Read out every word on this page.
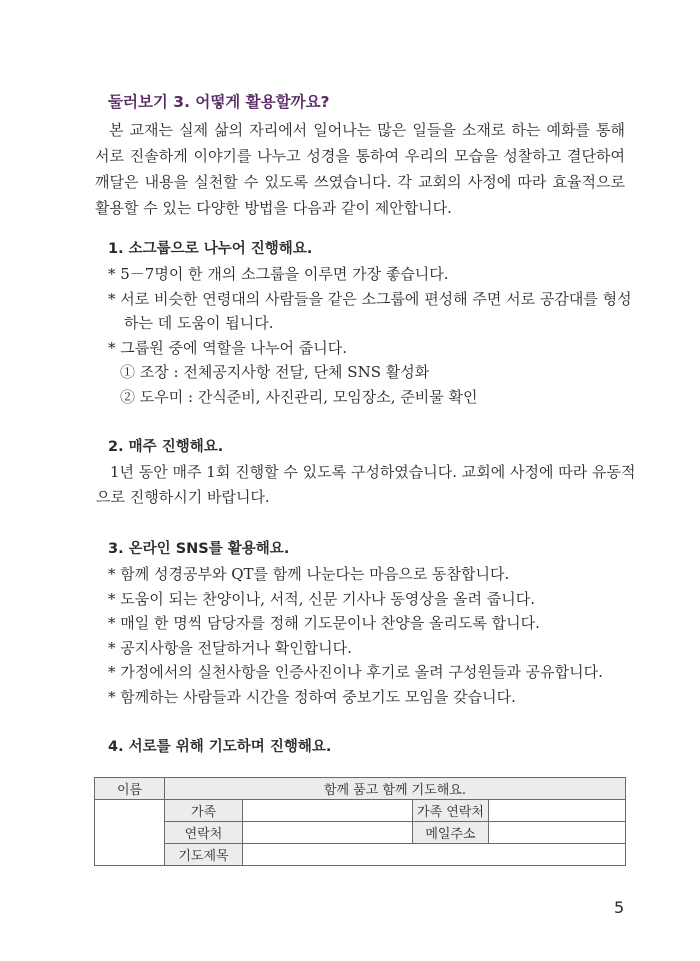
둘러보기 3. 어떻게 활용할까요?

본 교재는 실제 삶의 자리에서 일어나는 많은 일들을 소재로 하는 예화를 통해 서로 진솔하게 이야기를 나누고 성경을 통하여 우리의 모습을 성찰하고 결단하여 깨달은 내용을 실천할 수 있도록 쓰였습니다. 각 교회의 사정에 따라 효율적으로 활용할 수 있는 다양한 방법을 다음과 같이 제안합니다.

1. 소그룹으로 나누어 진행해요.
* 5－7명이 한 개의 소그룹을 이루면 가장 좋습니다.
* 서로 비슷한 연령대의 사람들을 같은 소그룹에 편성해 주면 서로 공감대를 형성하는 데 도움이 됩니다.
* 그룹원 중에 역할을 나누어 줍니다.
① 조장 : 전체공지사항 전달, 단체 SNS 활성화
② 도우미 : 간식준비, 사진관리, 모임장소, 준비물 확인
2. 매주 진행해요.

1년 동안 매주 1회 진행할 수 있도록 구성하였습니다. 교회에 사정에 따라 유동적으로 진행하시기 바랍니다.

3. 온라인 SNS를 활용해요.
* 함께 성경공부와 QT를 함께 나눈다는 마음으로 동참합니다.
* 도움이 되는 찬양이나, 서적, 신문 기사나 동영상을 올려 줍니다.
* 매일 한 명씩 담당자를 정해 기도문이나 찬양을 올리도록 합니다.
* 공지사항을 전달하거나 확인합니다.
* 가정에서의 실천사항을 인증사진이나 후기로 올려 구성원들과 공유합니다.
* 함께하는 사람들과 시간을 정하여 중보기도 모임을 갖습니다.
4. 서로를 위해 기도하며 진행해요.
이름	함께 품고 함께 기도해요.			
	가족		가족 연락처	
	연락처		메일주소	
	기도제목			
5
